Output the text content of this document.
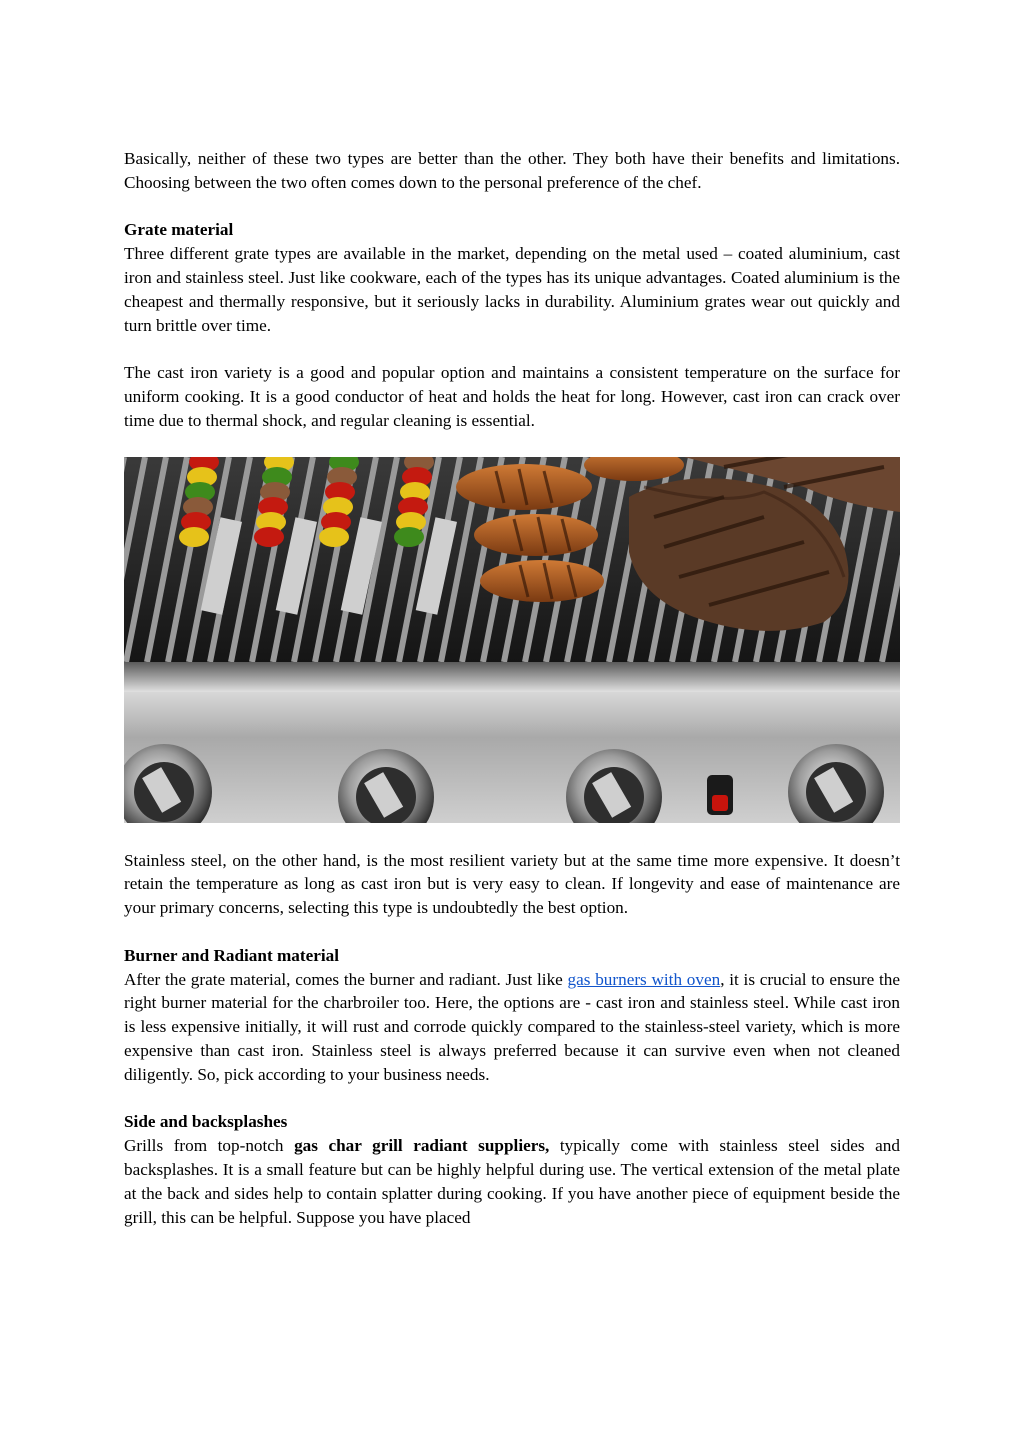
Basically, neither of these two types are better than the other. They both have their benefits and limitations. Choosing between the two often comes down to the personal preference of the chef.

Grate material

Three different grate types are available in the market, depending on the metal used – coated aluminium, cast iron and stainless steel. Just like cookware, each of the types has its unique advantages. Coated aluminium is the cheapest and thermally responsive, but it seriously lacks in durability. Aluminium grates wear out quickly and turn brittle over time.

The cast iron variety is a good and popular option and maintains a consistent temperature on the surface for uniform cooking. It is a good conductor of heat and holds the heat for long. However, cast iron can crack over time due to thermal shock, and regular cleaning is essential.

Stainless steel, on the other hand, is the most resilient variety but at the same time more expensive. It doesn’t retain the temperature as long as cast iron but is very easy to clean. If longevity and ease of maintenance are your primary concerns, selecting this type is undoubtedly the best option.

Burner and Radiant material

After the grate material, comes the burner and radiant. Just like gas burners with oven, it is crucial to ensure the right burner material for the charbroiler too. Here, the options are - cast iron and stainless steel. While cast iron is less expensive initially, it will rust and corrode quickly compared to the stainless-steel variety, which is more expensive than cast iron. Stainless steel is always preferred because it can survive even when not cleaned diligently. So, pick according to your business needs.

Side and backsplashes

Grills from top-notch gas char grill radiant suppliers, typically come with stainless steel sides and backsplashes. It is a small feature but can be highly helpful during use. The vertical extension of the metal plate at the back and sides help to contain splatter during cooking. If you have another piece of equipment beside the grill, this can be helpful. Suppose you have placed
